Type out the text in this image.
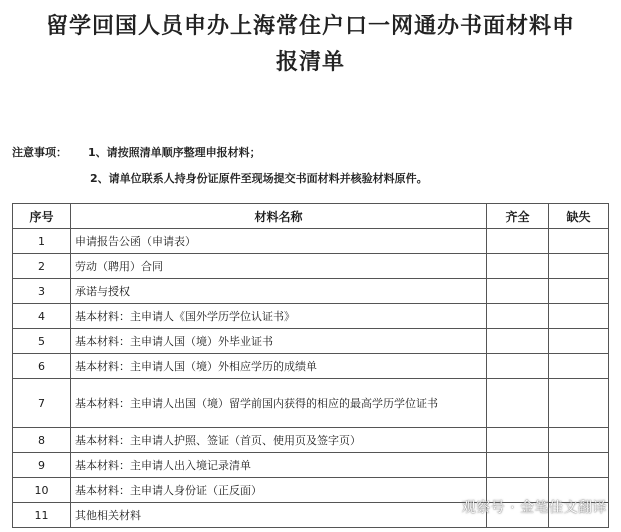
留学回国人员申办上海常住户口一网通办书面材料申
报清单
注意事项： 1、请按照清单顺序整理申报材料；
2、请单位联系人持身份证原件至现场提交书面材料并核验材料原件。
序号	材料名称	齐全	缺失
1	申请报告公函（申请表）		
2	劳动（聘用）合同		
3	承诺与授权		
4	基本材料：主申请人《国外学历学位认证书》		
5	基本材料：主申请人国（境）外毕业证书		
6	基本材料：主申请人国（境）外相应学历的成绩单		
7	基本材料：主申请人出国（境）留学前国内获得的相应的最高学历学位证书		
8	基本材料：主申请人护照、签证（首页、使用页及签字页）		
9	基本材料：主申请人出入境记录清单		
10	基本材料：主申请人身份证（正反面）		
11	其他相关材料			观察号 · 金笔佳文翻译
